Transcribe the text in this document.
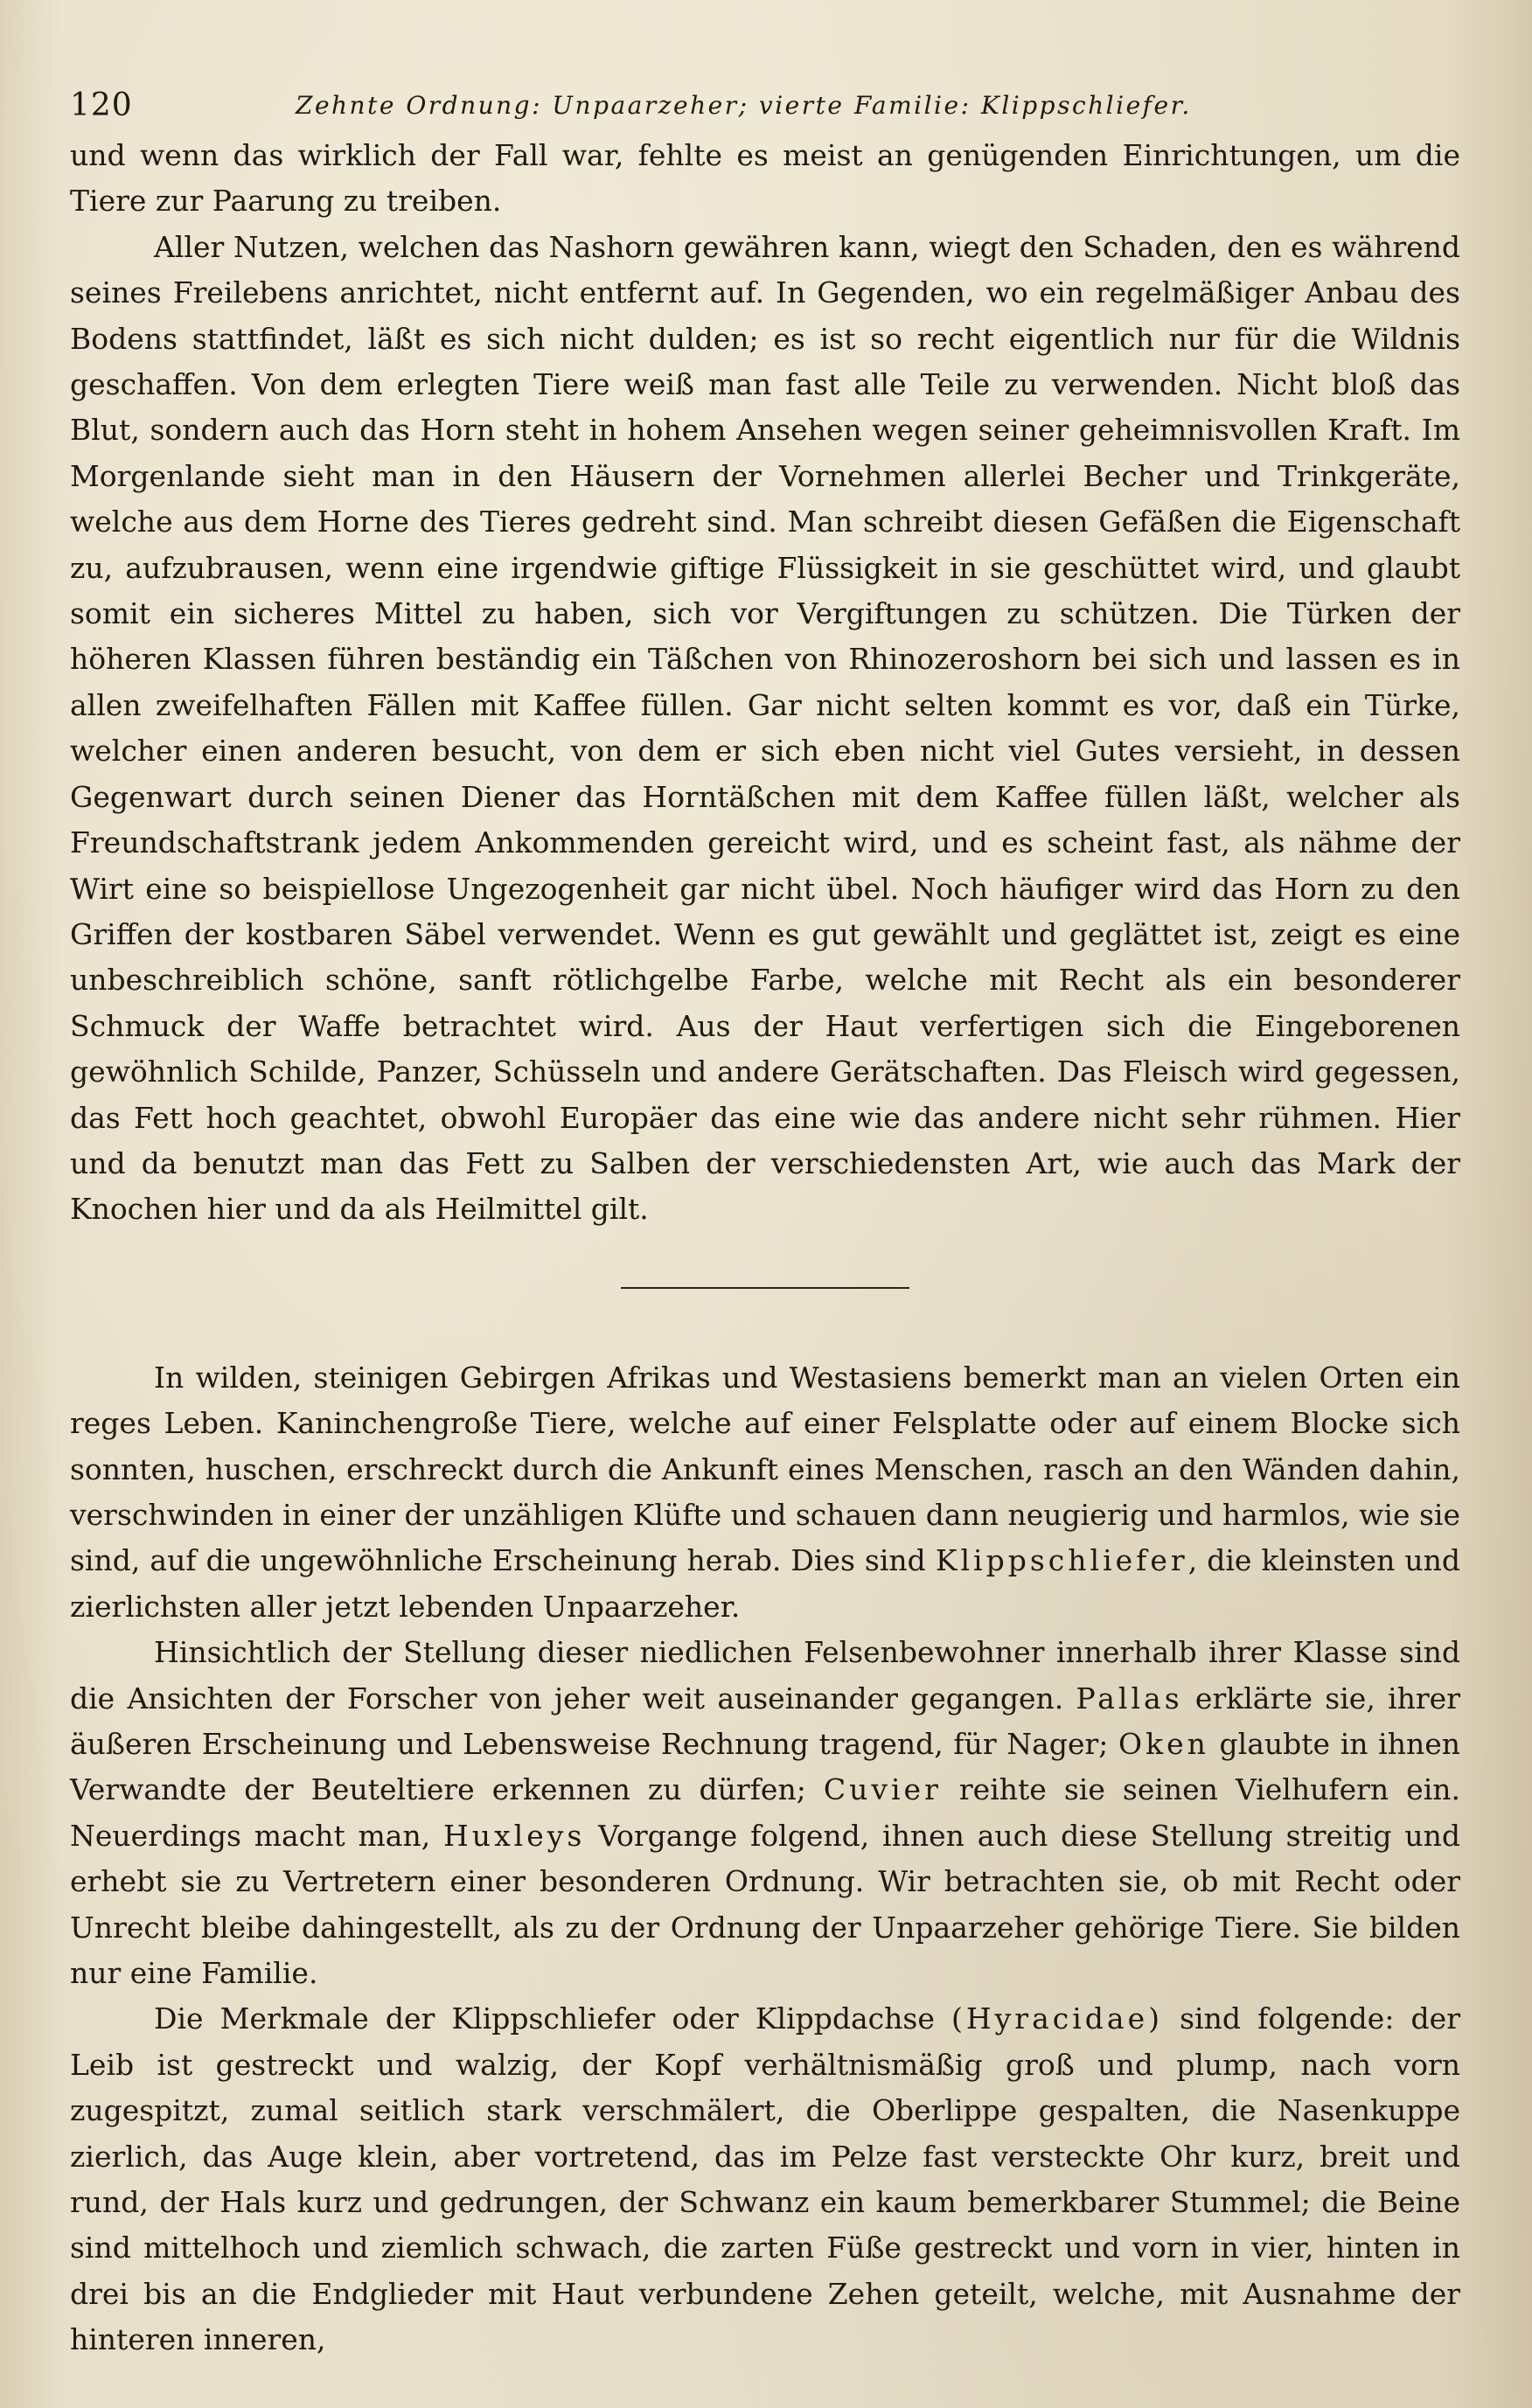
120	Zehnte Ordnung: Unpaarzeher; vierte Familie: Klippschliefer.

und wenn das wirklich der Fall war, fehlte es meist an genügenden Einrichtungen, um die Tiere zur Paarung zu treiben.

Aller Nutzen, welchen das Nashorn gewähren kann, wiegt den Schaden, den es während seines Freilebens anrichtet, nicht entfernt auf. In Gegenden, wo ein regelmäßiger Anbau des Bodens stattfindet, läßt es sich nicht dulden; es ist so recht eigentlich nur für die Wildnis geschaffen. Von dem erlegten Tiere weiß man fast alle Teile zu verwenden. Nicht bloß das Blut, sondern auch das Horn steht in hohem Ansehen wegen seiner geheimnisvollen Kraft. Im Morgenlande sieht man in den Häusern der Vornehmen allerlei Becher und Trinkgeräte, welche aus dem Horne des Tieres gedreht sind. Man schreibt diesen Gefäßen die Eigenschaft zu, aufzubrausen, wenn eine irgendwie giftige Flüssigkeit in sie geschüttet wird, und glaubt somit ein sicheres Mittel zu haben, sich vor Vergiftungen zu schützen. Die Türken der höheren Klassen führen beständig ein Täßchen von Rhinozeroshorn bei sich und lassen es in allen zweifelhaften Fällen mit Kaffee füllen. Gar nicht selten kommt es vor, daß ein Türke, welcher einen anderen besucht, von dem er sich eben nicht viel Gutes versieht, in dessen Gegenwart durch seinen Diener das Horntäßchen mit dem Kaffee füllen läßt, welcher als Freundschaftstrank jedem Ankommenden gereicht wird, und es scheint fast, als nähme der Wirt eine so beispiellose Ungezogenheit gar nicht übel. Noch häufiger wird das Horn zu den Griffen der kostbaren Säbel verwendet. Wenn es gut gewählt und geglättet ist, zeigt es eine unbeschreiblich schöne, sanft rötlichgelbe Farbe, welche mit Recht als ein besonderer Schmuck der Waffe betrachtet wird. Aus der Haut verfertigen sich die Eingeborenen gewöhnlich Schilde, Panzer, Schüsseln und andere Gerätschaften. Das Fleisch wird gegessen, das Fett hoch geachtet, obwohl Europäer das eine wie das andere nicht sehr rühmen. Hier und da benutzt man das Fett zu Salben der verschiedensten Art, wie auch das Mark der Knochen hier und da als Heilmittel gilt.

In wilden, steinigen Gebirgen Afrikas und Westasiens bemerkt man an vielen Orten ein reges Leben. Kaninchengroße Tiere, welche auf einer Felsplatte oder auf einem Blocke sich sonnten, huschen, erschreckt durch die Ankunft eines Menschen, rasch an den Wänden dahin, verschwinden in einer der unzähligen Klüfte und schauen dann neugierig und harmlos, wie sie sind, auf die ungewöhnliche Erscheinung herab. Dies sind Klippschliefer, die kleinsten und zierlichsten aller jetzt lebenden Unpaarzeher.

Hinsichtlich der Stellung dieser niedlichen Felsenbewohner innerhalb ihrer Klasse sind die Ansichten der Forscher von jeher weit auseinander gegangen. Pallas erklärte sie, ihrer äußeren Erscheinung und Lebensweise Rechnung tragend, für Nager; Oken glaubte in ihnen Verwandte der Beuteltiere erkennen zu dürfen; Cuvier reihte sie seinen Vielhufern ein. Neuerdings macht man, Huxleys Vorgange folgend, ihnen auch diese Stellung streitig und erhebt sie zu Vertretern einer besonderen Ordnung. Wir betrachten sie, ob mit Recht oder Unrecht bleibe dahingestellt, als zu der Ordnung der Unpaarzeher gehörige Tiere. Sie bilden nur eine Familie.

Die Merkmale der Klippschliefer oder Klippdachse (Hyracidae) sind folgende: der Leib ist gestreckt und walzig, der Kopf verhältnismäßig groß und plump, nach vorn zugespitzt, zumal seitlich stark verschmälert, die Oberlippe gespalten, die Nasenkuppe zierlich, das Auge klein, aber vortretend, das im Pelze fast versteckte Ohr kurz, breit und rund, der Hals kurz und gedrungen, der Schwanz ein kaum bemerkbarer Stummel; die Beine sind mittelhoch und ziemlich schwach, die zarten Füße gestreckt und vorn in vier, hinten in drei bis an die Endglieder mit Haut verbundene Zehen geteilt, welche, mit Ausnahme der hinteren inneren,
